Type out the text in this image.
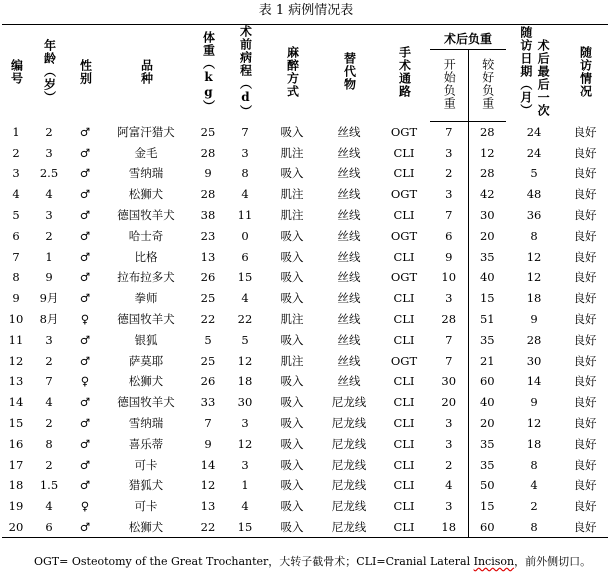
表 1 病例情况表
编号	年龄（岁）	性别	品种	体重（kg）	术前病程（d）	麻醉方式	替代物	手术通路	术后负重		随访日期（月） 术后最后一次	随访情况
									开始负重	较好负重		
1	2	♂	阿富汗猎犬	25	7	吸入	丝线	OGT	7	28	24	良好
2	3	♂	金毛	28	3	肌注	丝线	CLI	3	12	24	良好
3	2.5	♂	雪纳瑞	9	8	吸入	丝线	CLI	2	28	5	良好
4	4	♂	松狮犬	28	4	肌注	丝线	OGT	3	42	48	良好
5	3	♂	德国牧羊犬	38	11	肌注	丝线	CLI	7	30	36	良好
6	2	♂	哈士奇	23	0	吸入	丝线	OGT	6	20	8	良好
7	1	♂	比格	13	6	吸入	丝线	CLI	9	35	12	良好
8	9	♂	拉布拉多犬	26	15	吸入	丝线	OGT	10	40	12	良好
9	9月	♂	拳师	25	4	吸入	丝线	CLI	3	15	18	良好
10	8月	♀	德国牧羊犬	22	22	肌注	丝线	CLI	28	51	9	良好
11	3	♂	银狐	5	5	吸入	丝线	CLI	7	35	28	良好
12	2	♂	萨莫耶	25	12	肌注	丝线	OGT	7	21	30	良好
13	7	♀	松狮犬	26	18	吸入	丝线	CLI	30	60	14	良好
14	4	♂	德国牧羊犬	33	30	吸入	尼龙线	CLI	20	40	9	良好
15	2	♂	雪纳瑞	7	3	吸入	尼龙线	CLI	3	20	12	良好
16	8	♂	喜乐蒂	9	12	吸入	尼龙线	CLI	3	35	18	良好
17	2	♂	可卡	14	3	吸入	尼龙线	CLI	2	35	8	良好
18	1.5	♂	猎狐犬	12	1	吸入	尼龙线	CLI	4	50	4	良好
19	4	♀	可卡	13	4	吸入	尼龙线	CLI	3	15	2	良好
20	6	♂	松狮犬	22	15	吸入	尼龙线	CLI	18	60	8	良好
OGT= Osteotomy of the Great Trochanter，大转子截骨术；CLI=Cranial Lateral Incison，前外侧切口。
